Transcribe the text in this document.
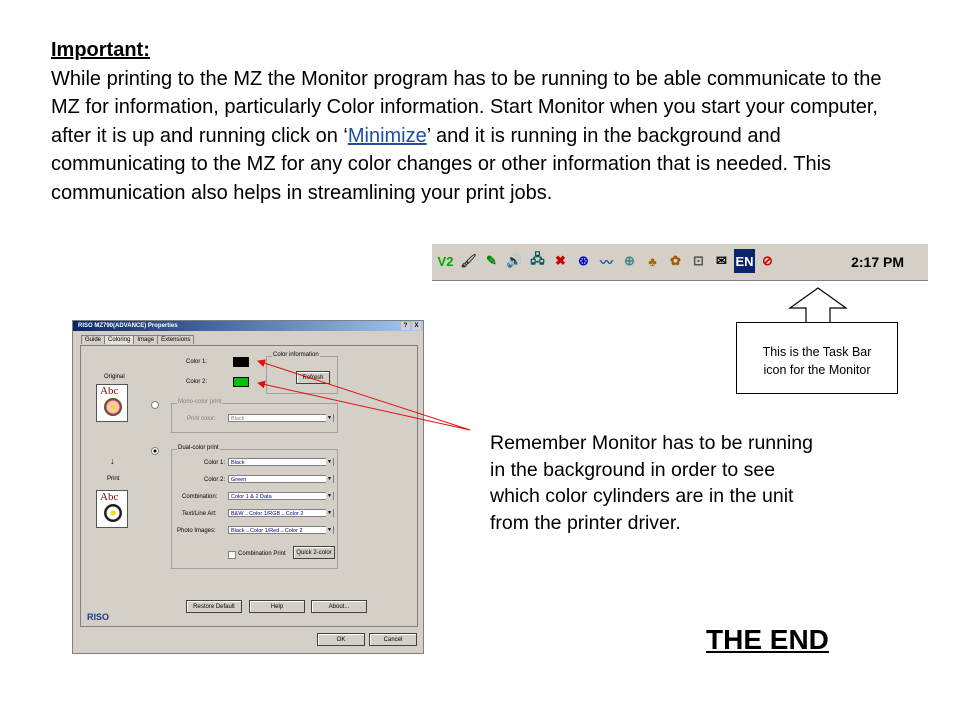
Important:
While printing to the MZ the Monitor program has to be running to be able communicate to the MZ for information, particularly Color information. Start Monitor when you start your computer, after it is up and running click on ‘Minimize’ and it is running in the background and communicating to the MZ for any color changes or other information that is needed. This communication also helps in streamlining your print jobs.
V2 🖌 ✎ 🔊 🖧 ✖ ⊛ 〰 ⊕	♣	✿ ⊡ ✉ EN ⊘	2:17 PM
This is the Task Bar
icon for the Monitor
RISO MZ790(ADVANCE) Properties	?	X
Guide	Coloring	Image	Extensions
Original
Abc
↓
Print
Abc
Color 1:
Color 2:
Color information
Refresh
Mono-color print
Print color:	Black ▼
Dual-color print
Color 1:	Black ▼
Color 2:	Green ▼
Combination:	Color 1 & 2 Data ▼
Text/Line Art:	B&W→Color 1/RGB→Color 2 ▼
Photo Images:	Black→Color 1/Red→Color 2 ▼
Combination Print	Quick 2-color
Restore Default	Help	About...
RISO
OK	Cancel
Remember Monitor has to be running in the background in order to see which color cylinders are in the unit from the printer driver.
THE END
